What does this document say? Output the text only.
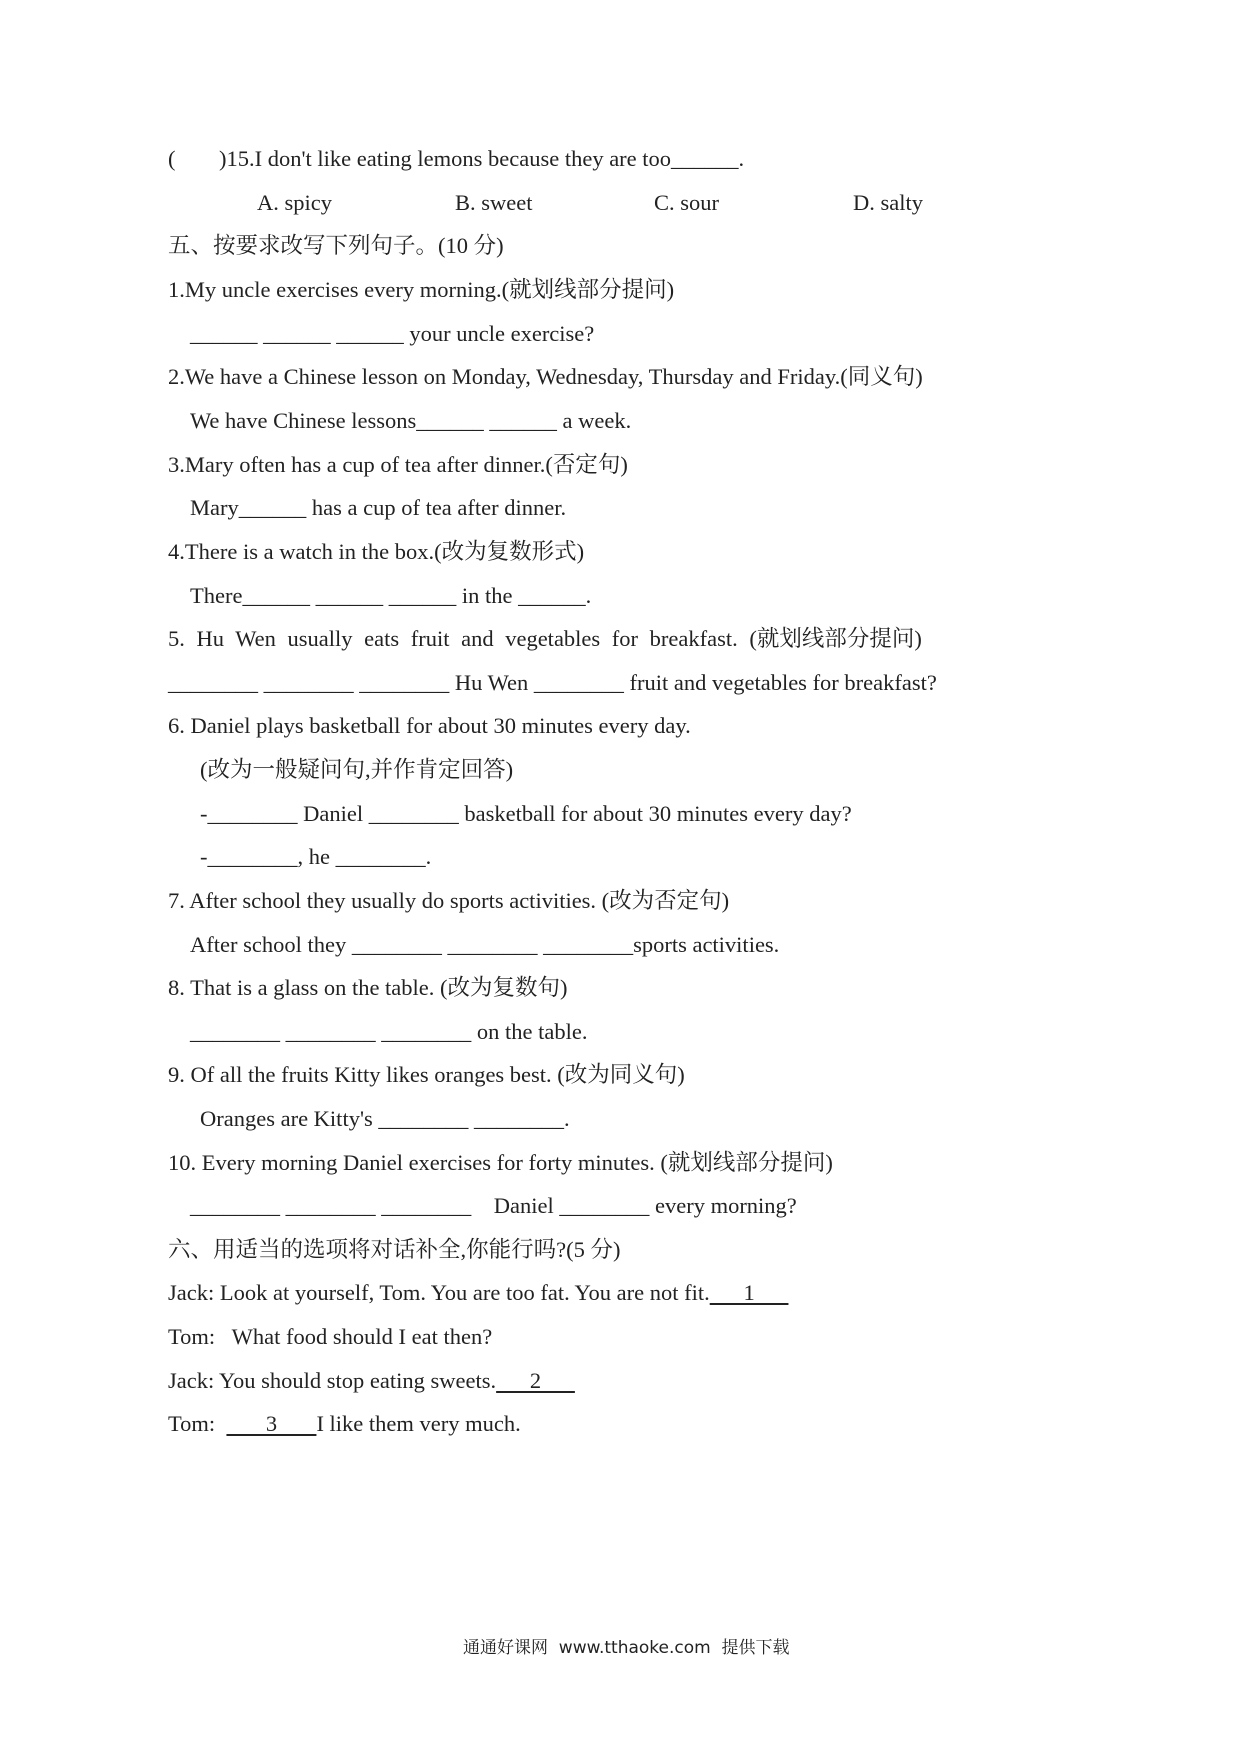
( )15.I don't like eating lemons because they are too______.
A. spicy	B. sweet	C. sour	D. salty
五、按要求改写下列句子。(10 分)
1.My uncle exercises every morning.(就划线部分提问)
______ ______ ______ your uncle exercise?
2.We have a Chinese lesson on Monday, Wednesday, Thursday and Friday.(同义句)
We have Chinese lessons______ ______ a week.
3.Mary often has a cup of tea after dinner.(否定句)
Mary______ has a cup of tea after dinner.
4.There is a watch in the box.(改为复数形式)
There______ ______ ______ in the ______.
5. Hu Wen usually eats fruit and vegetables for breakfast. (就划线部分提问)
________ ________ ________ Hu Wen ________ fruit and vegetables for breakfast?
6. Daniel plays basketball for about 30 minutes every day.
(改为一般疑问句,并作肯定回答)
-________ Daniel ________ basketball for about 30 minutes every day?
-________, he ________.
7. After school they usually do sports activities. (改为否定句)
After school they ________ ________ ________sports activities.
8. That is a glass on the table. (改为复数句)
________ ________ ________ on the table.
9. Of all the fruits Kitty likes oranges best. (改为同义句)
Oranges are Kitty's ________ ________.
10. Every morning Daniel exercises for forty minutes. (就划线部分提问)
________ ________ ________    Daniel ________ every morning?
六、用适当的选项将对话补全,你能行吗?(5 分)
Jack: Look at yourself, Tom. You are too fat. You are not fit.      1
Tom:   What food should I eat then?
Jack: You should stop eating sweets.      2
Tom:         3       I like them very much.
通通好课网  www.tthaoke.com  提供下载
